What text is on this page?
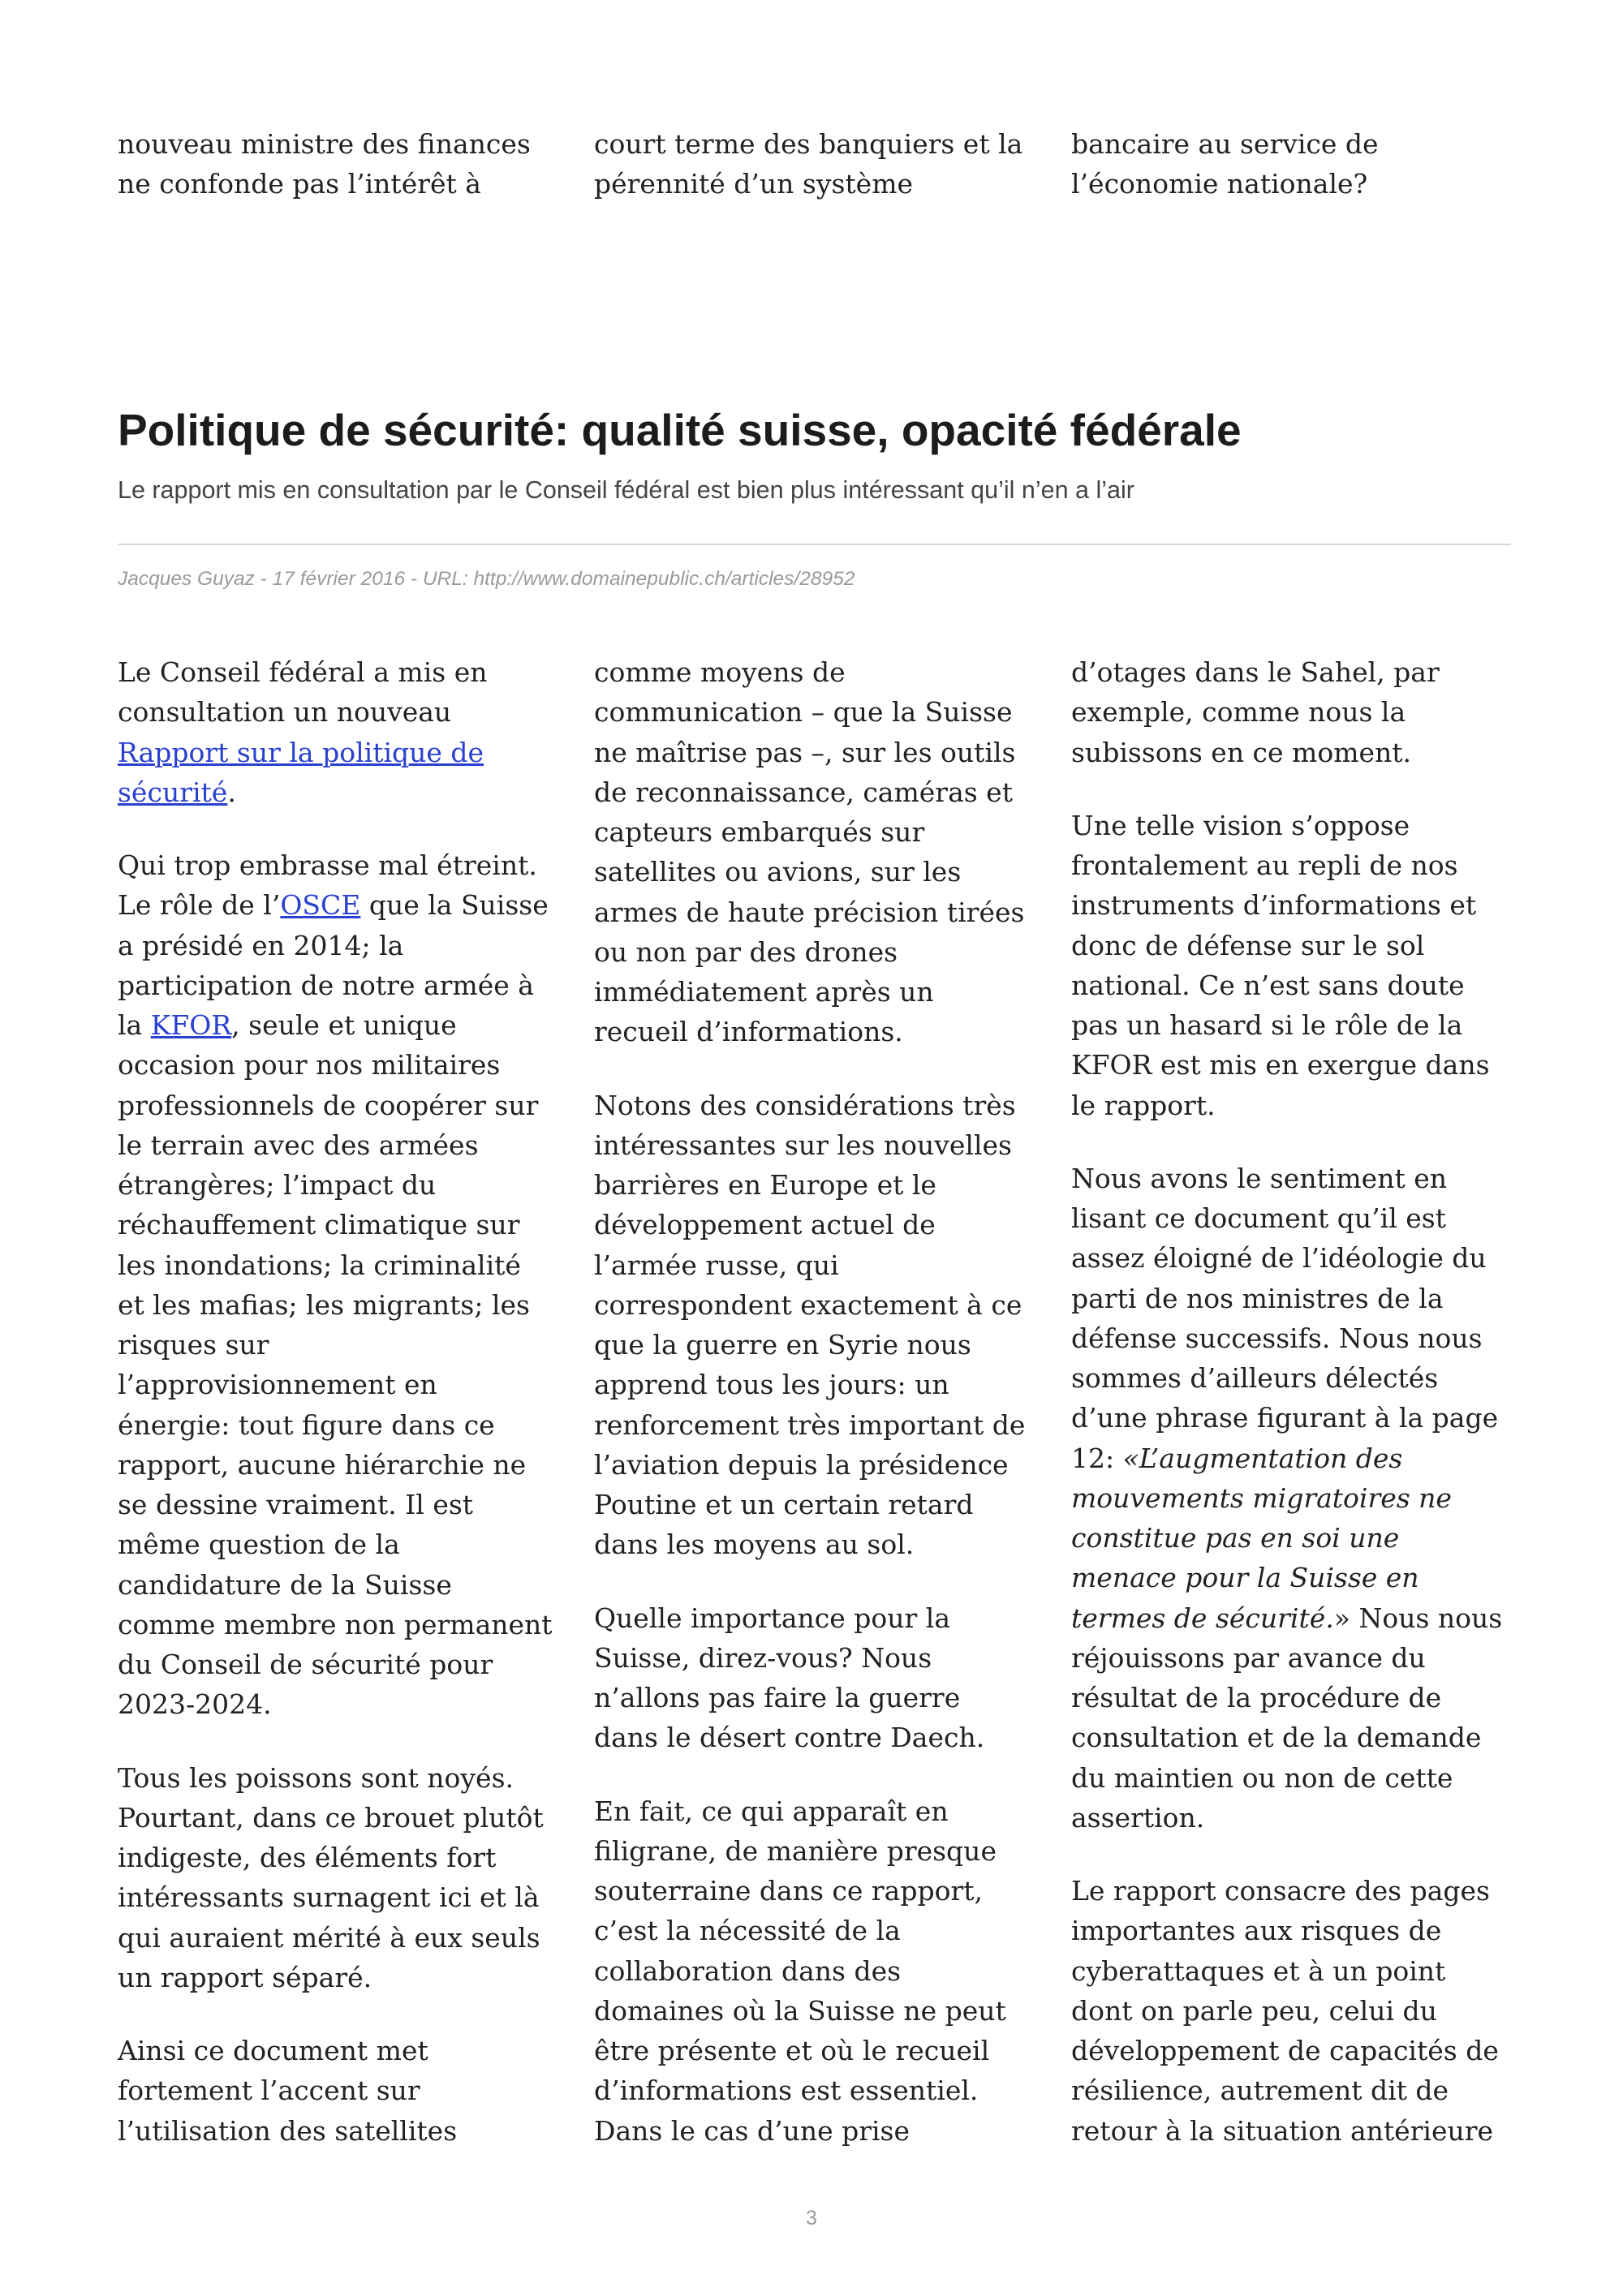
nouveau ministre des finances
ne confonde pas l’intérêt à
court terme des banquiers et la
pérennité d’un système
bancaire au service de
l’économie nationale?
Politique de sécurité: qualité suisse, opacité fédérale
Le rapport mis en consultation par le Conseil fédéral est bien plus intéressant qu’il n’en a l’air
Jacques Guyaz - 17 février 2016 - URL: http://www.domainepublic.ch/articles/28952
Le Conseil fédéral a mis en
consultation un nouveau
Rapport sur la politique de
sécurité.
Qui trop embrasse mal étreint.
Le rôle de l’OSCE que la Suisse
a présidé en 2014; la
participation de notre armée à
la KFOR, seule et unique
occasion pour nos militaires
professionnels de coopérer sur
le terrain avec des armées
étrangères; l’impact du
réchauffement climatique sur
les inondations; la criminalité
et les mafias; les migrants; les
risques sur
l’approvisionnement en
énergie: tout figure dans ce
rapport, aucune hiérarchie ne
se dessine vraiment. Il est
même question de la
candidature de la Suisse
comme membre non permanent
du Conseil de sécurité pour
2023-2024.
Tous les poissons sont noyés.
Pourtant, dans ce brouet plutôt
indigeste, des éléments fort
intéressants surnagent ici et là
qui auraient mérité à eux seuls
un rapport séparé.
Ainsi ce document met
fortement l’accent sur
l’utilisation des satellites
comme moyens de
communication – que la Suisse
ne maîtrise pas –, sur les outils
de reconnaissance, caméras et
capteurs embarqués sur
satellites ou avions, sur les
armes de haute précision tirées
ou non par des drones
immédiatement après un
recueil d’informations.
Notons des considérations très
intéressantes sur les nouvelles
barrières en Europe et le
développement actuel de
l’armée russe, qui
correspondent exactement à ce
que la guerre en Syrie nous
apprend tous les jours: un
renforcement très important de
l’aviation depuis la présidence
Poutine et un certain retard
dans les moyens au sol.
Quelle importance pour la
Suisse, direz-vous? Nous
n’allons pas faire la guerre
dans le désert contre Daech.
En fait, ce qui apparaît en
filigrane, de manière presque
souterraine dans ce rapport,
c’est la nécessité de la
collaboration dans des
domaines où la Suisse ne peut
être présente et où le recueil
d’informations est essentiel.
Dans le cas d’une prise
d’otages dans le Sahel, par
exemple, comme nous la
subissons en ce moment.
Une telle vision s’oppose
frontalement au repli de nos
instruments d’informations et
donc de défense sur le sol
national. Ce n’est sans doute
pas un hasard si le rôle de la
KFOR est mis en exergue dans
le rapport.
Nous avons le sentiment en
lisant ce document qu’il est
assez éloigné de l’idéologie du
parti de nos ministres de la
défense successifs. Nous nous
sommes d’ailleurs délectés
d’une phrase figurant à la page
12: «L’augmentation des
mouvements migratoires ne
constitue pas en soi une
menace pour la Suisse en
termes de sécurité.» Nous nous
réjouissons par avance du
résultat de la procédure de
consultation et de la demande
du maintien ou non de cette
assertion.
Le rapport consacre des pages
importantes aux risques de
cyberattaques et à un point
dont on parle peu, celui du
développement de capacités de
résilience, autrement dit de
retour à la situation antérieure
3
